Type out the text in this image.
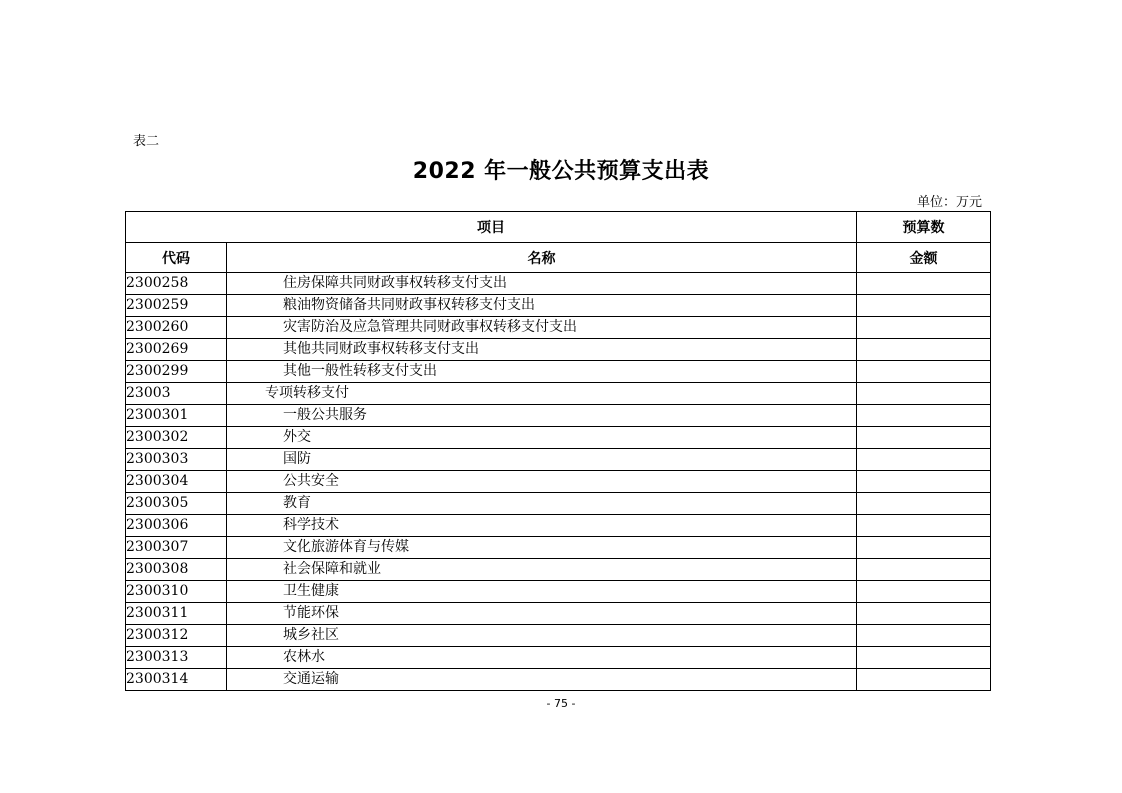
表二
2022 年一般公共预算支出表
单位：万元
项目		预算数
代码	名称	金额
2300258	住房保障共同财政事权转移支付支出	
2300259	粮油物资储备共同财政事权转移支付支出	
2300260	灾害防治及应急管理共同财政事权转移支付支出	
2300269	其他共同财政事权转移支付支出	
2300299	其他一般性转移支付支出	
23003	专项转移支付	
2300301	一般公共服务	
2300302	外交	
2300303	国防	
2300304	公共安全	
2300305	教育	
2300306	科学技术	
2300307	文化旅游体育与传媒	
2300308	社会保障和就业	
2300310	卫生健康	
2300311	节能环保	
2300312	城乡社区	
2300313	农林水	
2300314	交通运输	
- 75 -
